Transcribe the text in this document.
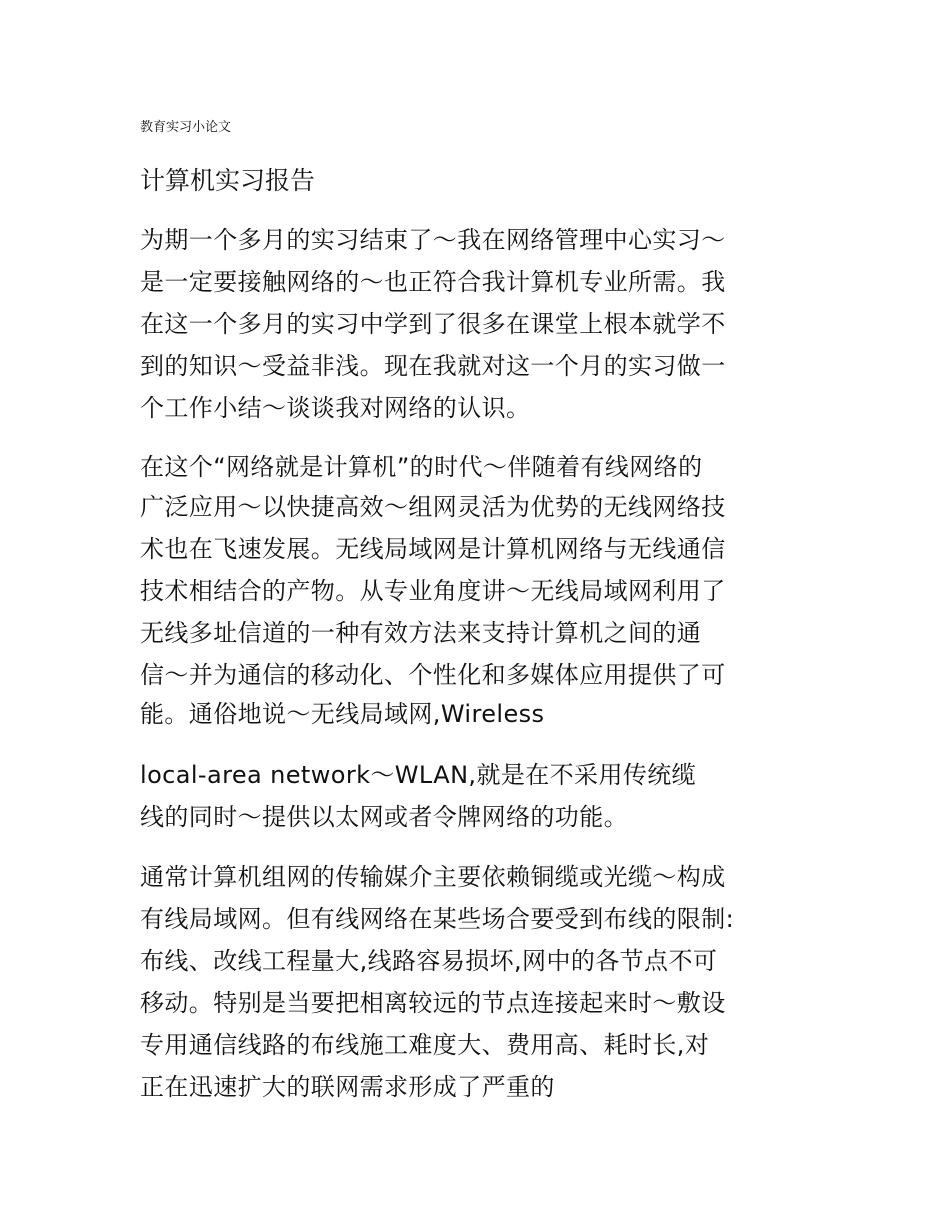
教育实习小论文
计算机实习报告
为期一个多月的实习结束了～我在网络管理中心实习～
是一定要接触网络的～也正符合我计算机专业所需。我
在这一个多月的实习中学到了很多在课堂上根本就学不
到的知识～受益非浅。现在我就对这一个月的实习做一
个工作小结～谈谈我对网络的认识。
在这个“网络就是计算机”的时代～伴随着有线网络的
广泛应用～以快捷高效～组网灵活为优势的无线网络技
术也在飞速发展。无线局域网是计算机网络与无线通信
技术相结合的产物。从专业角度讲～无线局域网利用了
无线多址信道的一种有效方法来支持计算机之间的通
信～并为通信的移动化、个性化和多媒体应用提供了可
能。通俗地说～无线局域网,Wireless
local-area network～WLAN,就是在不采用传统缆
线的同时～提供以太网或者令牌网络的功能。
通常计算机组网的传输媒介主要依赖铜缆或光缆～构成
有线局域网。但有线网络在某些场合要受到布线的限制:
布线、改线工程量大,线路容易损坏,网中的各节点不可
移动。特别是当要把相离较远的节点连接起来时～敷设
专用通信线路的布线施工难度大、费用高、耗时长,对
正在迅速扩大的联网需求形成了严重的
